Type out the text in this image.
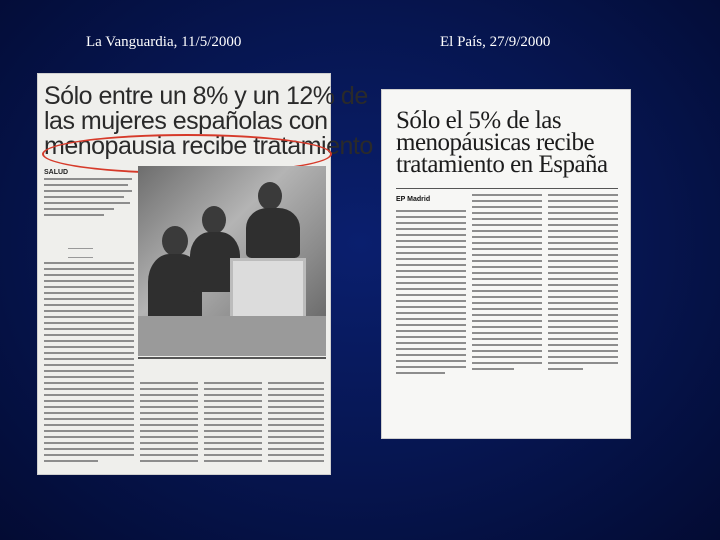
La Vanguardia, 11/5/2000	El País, 27/9/2000
Sólo entre un 8% y un 12% de
las mujeres españolas con
menopausia recibe tratamiento
SALUD

Sólo el 5% de las
menopáusicas recibe
tratamiento en España
EP Madrid
